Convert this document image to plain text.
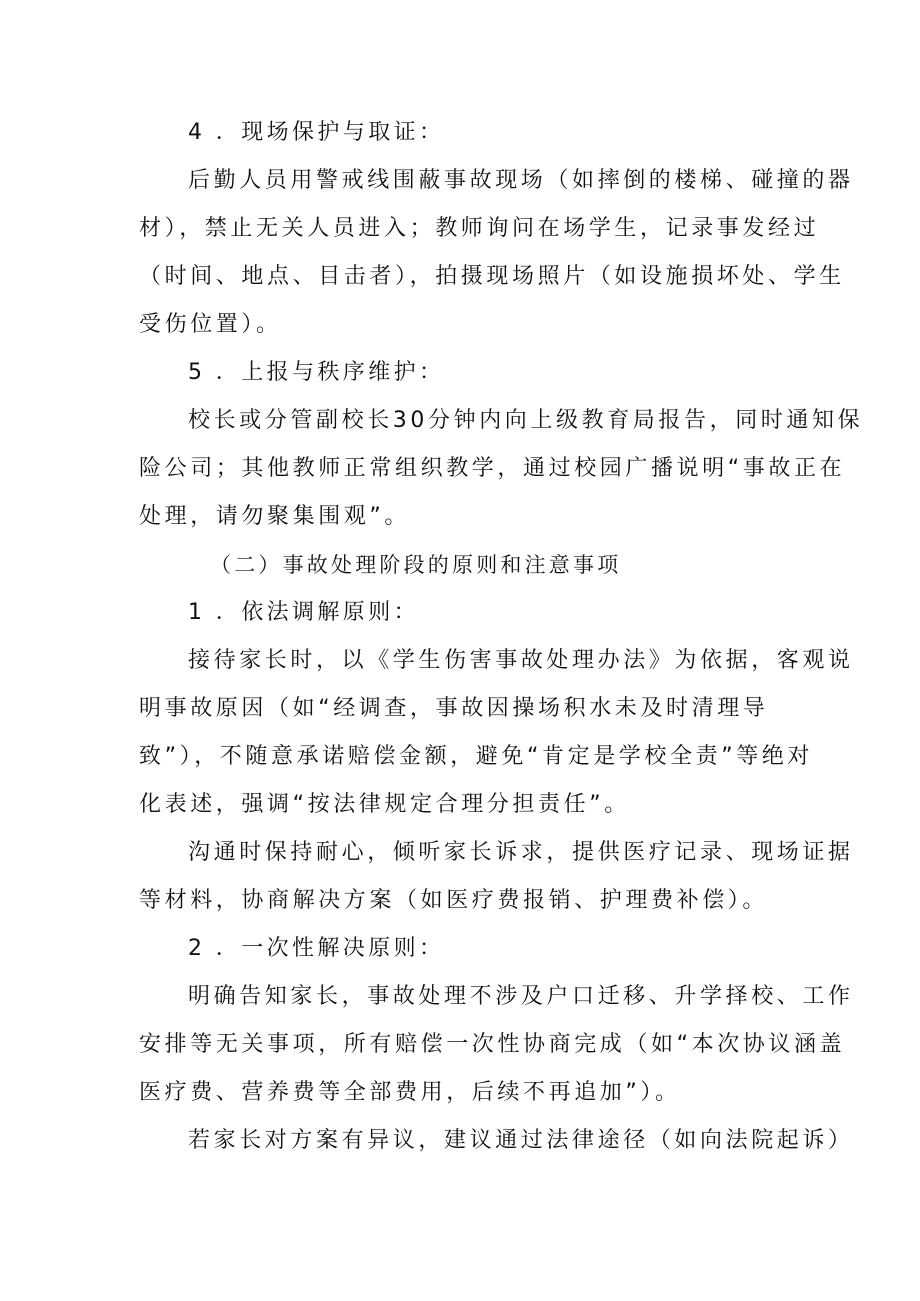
4 ．现场保护与取证：
后勤人员用警戒线围蔽事故现场（如摔倒的楼梯、碰撞的器
材），禁止无关人员进入；教师询问在场学生，记录事发经过
（时间、地点、目击者），拍摄现场照片（如设施损坏处、学生
受伤位置）。
5 ．上报与秩序维护：
校长或分管副校长30分钟内向上级教育局报告，同时通知保
险公司；其他教师正常组织教学，通过校园广播说明“事故正在
处理，请勿聚集围观”。
（二）事故处理阶段的原则和注意事项
1 ．依法调解原则：
接待家长时，以《学生伤害事故处理办法》为依据，客观说
明事故原因（如“经调查，事故因操场积水未及时清理导
致”），不随意承诺赔偿金额，避免“肯定是学校全责”等绝对
化表述，强调“按法律规定合理分担责任”。
沟通时保持耐心，倾听家长诉求，提供医疗记录、现场证据
等材料，协商解决方案（如医疗费报销、护理费补偿）。
2 ．一次性解决原则：
明确告知家长，事故处理不涉及户口迁移、升学择校、工作
安排等无关事项，所有赔偿一次性协商完成（如“本次协议涵盖
医疗费、营养费等全部费用，后续不再追加”）。
若家长对方案有异议，建议通过法律途径（如向法院起诉）
